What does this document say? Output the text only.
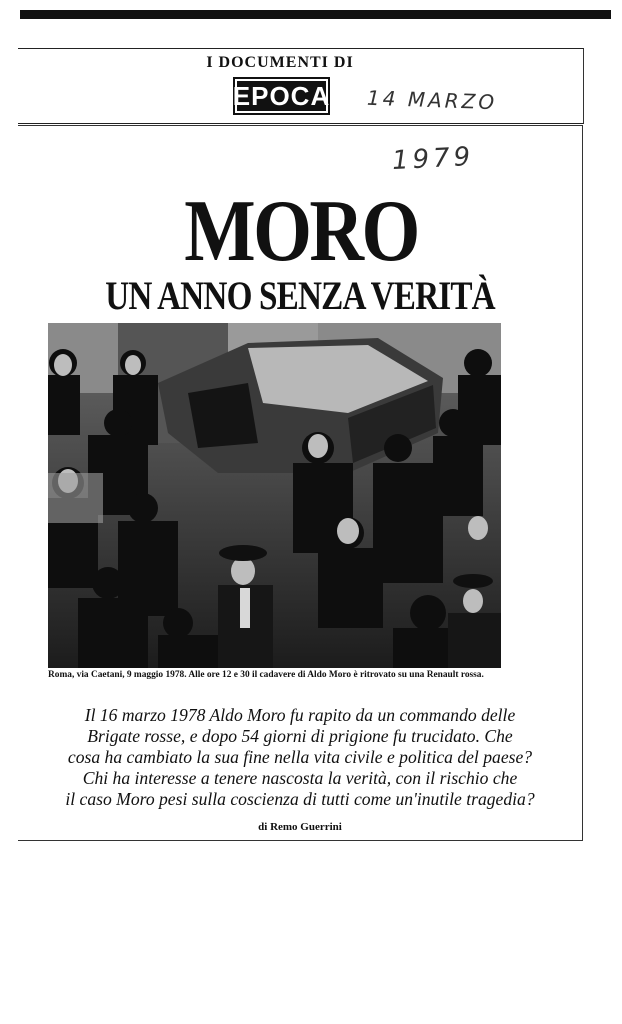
I DOCUMENTI DI
EPOCA 14 MARZO
1979
MORO
UN ANNO SENZA VERITÀ
Roma, via Caetani, 9 maggio 1978. Alle ore 12 e 30 il cadavere di Aldo Moro è ritrovato su una Renault rossa.
Il 16 marzo 1978 Aldo Moro fu rapito da un commando delle
Brigate rosse, e dopo 54 giorni di prigione fu trucidato. Che
cosa ha cambiato la sua fine nella vita civile e politica del paese?
Chi ha interesse a tenere nascosta la verità, con il rischio che
il caso Moro pesi sulla coscienza di tutti come un'inutile tragedia?
di Remo Guerrini
